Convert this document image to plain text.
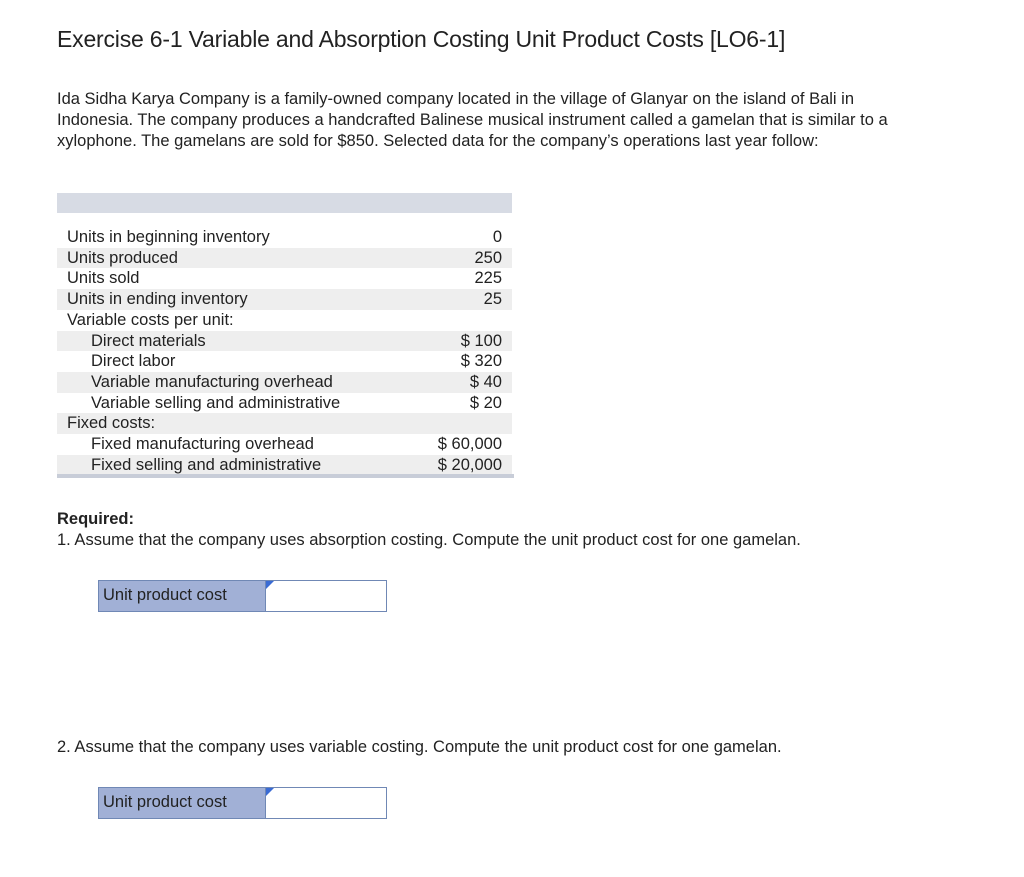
Exercise 6-1 Variable and Absorption Costing Unit Product Costs [LO6-1]

Ida Sidha Karya Company is a family-owned company located in the village of Glanyar on the island of Bali in Indonesia. The company produces a handcrafted Balinese musical instrument called a gamelan that is similar to a xylophone. The gamelans are sold for $850. Selected data for the company’s operations last year follow:

Units in beginning inventory	0
Units produced	250
Units sold	225
Units in ending inventory	25
Variable costs per unit:	
Direct materials	$ 100
Direct labor	$ 320
Variable manufacturing overhead	$ 40
Variable selling and administrative	$ 20
Fixed costs:	
Fixed manufacturing overhead	$ 60,000
Fixed selling and administrative	$ 20,000
Required:
1. Assume that the company uses absorption costing. Compute the unit product cost for one gamelan.
Unit product cost
2. Assume that the company uses variable costing. Compute the unit product cost for one gamelan.
Unit product cost
